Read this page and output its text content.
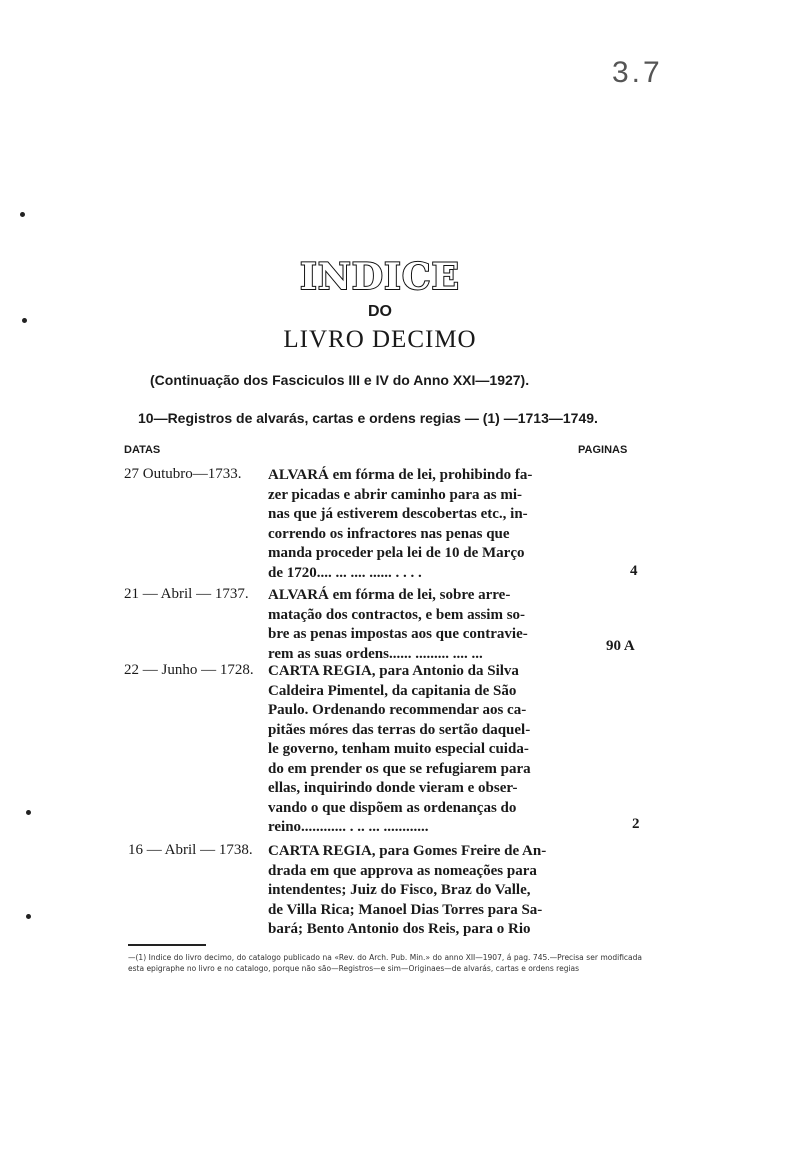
3.7
INDICE
DO
LIVRO DECIMO
(Continuação dos Fasciculos III e IV do Anno XXI—1927).
10—Registros de alvarás, cartas e ordens regias — (1) —1713—1749.
DATAS	PAGINAS
27 Outubro—1733. ALVARÁ em fórma de lei, prohibindo fa-
zer picadas e abrir caminho para as mi-
nas que já estiverem descobertas etc., in-
correndo os infractores nas penas que
manda proceder pela lei de 10 de Março
de 1720.... ... .... ...... . . . .	4
21 — Abril — 1737. ALVARÁ em fórma de lei, sobre arre-
matação dos contractos, e bem assim so-
bre as penas impostas aos que contravie-
rem as suas ordens...... ......... .... ...	90 A
22 — Junho — 1728. CARTA REGIA, para Antonio da Silva
Caldeira Pimentel, da capitania de São
Paulo. Ordenando recommendar aos ca-
pitães móres das terras do sertão daquel-
le governo, tenham muito especial cuida-
do em prender os que se refugiarem para
ellas, inquirindo donde vieram e obser-
vando o que dispõem as ordenanças do
reino............ . .. ... ............	2
16 — Abril — 1738. CARTA REGIA, para Gomes Freire de An-
drada em que approva as nomeações para
intendentes; Juiz do Fisco, Braz do Valle,
de Villa Rica; Manoel Dias Torres para Sa-
bará; Bento Antonio dos Reis, para o Rio
—(1) Indice do livro decimo, do catalogo publicado na «Rev. do Arch. Pub. Min.» do anno XII—1907, á pag. 745.—Precisa ser modificada esta epigraphe no livro e no catalogo, porque não são—Registros—e sim—Originaes—de alvarás, cartas e ordens regias
